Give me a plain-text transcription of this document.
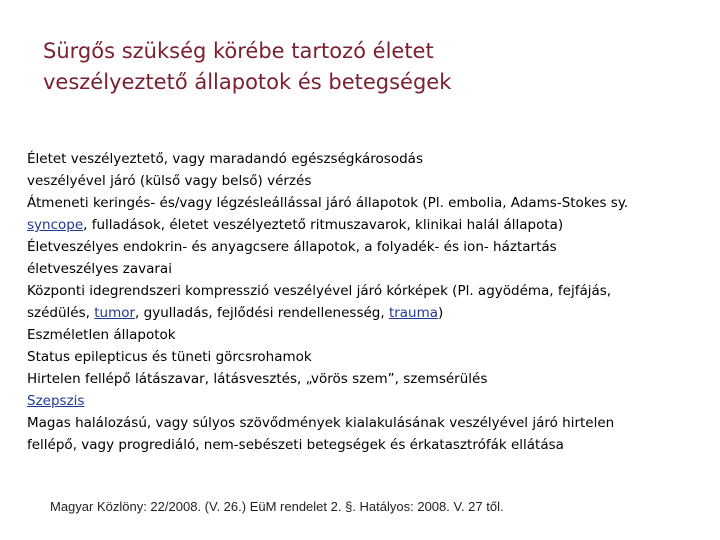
Sürgős szükség körébe tartozó életet
veszélyeztető állapotok és betegségek
Életet veszélyeztető, vagy maradandó egészségkárosodás
veszélyével járó (külső vagy belső) vérzés
Átmeneti keringés- és/vagy légzésleállással járó állapotok (Pl. embolia, Adams-Stokes sy.
syncope, fulladások, életet veszélyeztető ritmuszavarok, klinikai halál állapota)
Életveszélyes endokrin- és anyagcsere állapotok, a folyadék- és ion- háztartás
életveszélyes zavarai
Központi idegrendszeri kompresszió veszélyével járó kórképek (Pl. agyödéma, fejfájás,
szédülés, tumor, gyulladás, fejlődési rendellenesség, trauma)
Eszméletlen állapotok
Status epilepticus és tüneti görcsrohamok
Hirtelen fellépő látászavar, látásvesztés, „vörös szem”, szemsérülés
Szepszis
Magas halálozású, vagy súlyos szövődmények kialakulásának veszélyével járó hirtelen
fellépő, vagy progrediáló, nem-sebészeti betegségek és érkatasztrófák ellátása
Magyar Közlöny: 22/2008. (V. 26.) EüM rendelet 2. §. Hatályos: 2008. V. 27 től.
